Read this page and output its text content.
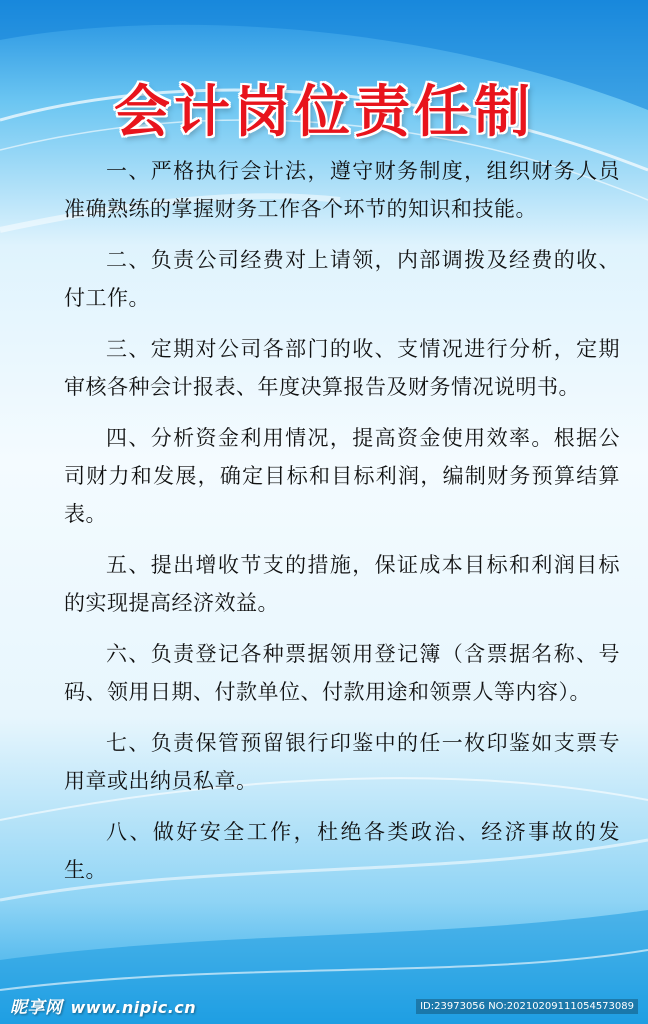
会计岗位责任制

一、严格执行会计法，遵守财务制度，组织财务人员准确熟练的掌握财务工作各个环节的知识和技能。

二、负责公司经费对上请领，内部调拨及经费的收、付工作。

三、定期对公司各部门的收、支情况进行分析，定期审核各种会计报表、年度决算报告及财务情况说明书。

四、分析资金利用情况，提高资金使用效率。根据公司财力和发展，确定目标和目标利润，编制财务预算结算表。

五、提出增收节支的措施，保证成本目标和利润目标的实现提高经济效益。

六、负责登记各种票据领用登记簿（含票据名称、号码、领用日期、付款单位、付款用途和领票人等内容）。

七、负责保管预留银行印鉴中的任一枚印鉴如支票专用章或出纳员私章。

八、做好安全工作，杜绝各类政治、经济事故的发生。

昵享网 www.nipic.cn	ID:23973056 NO:20210209111054573089
